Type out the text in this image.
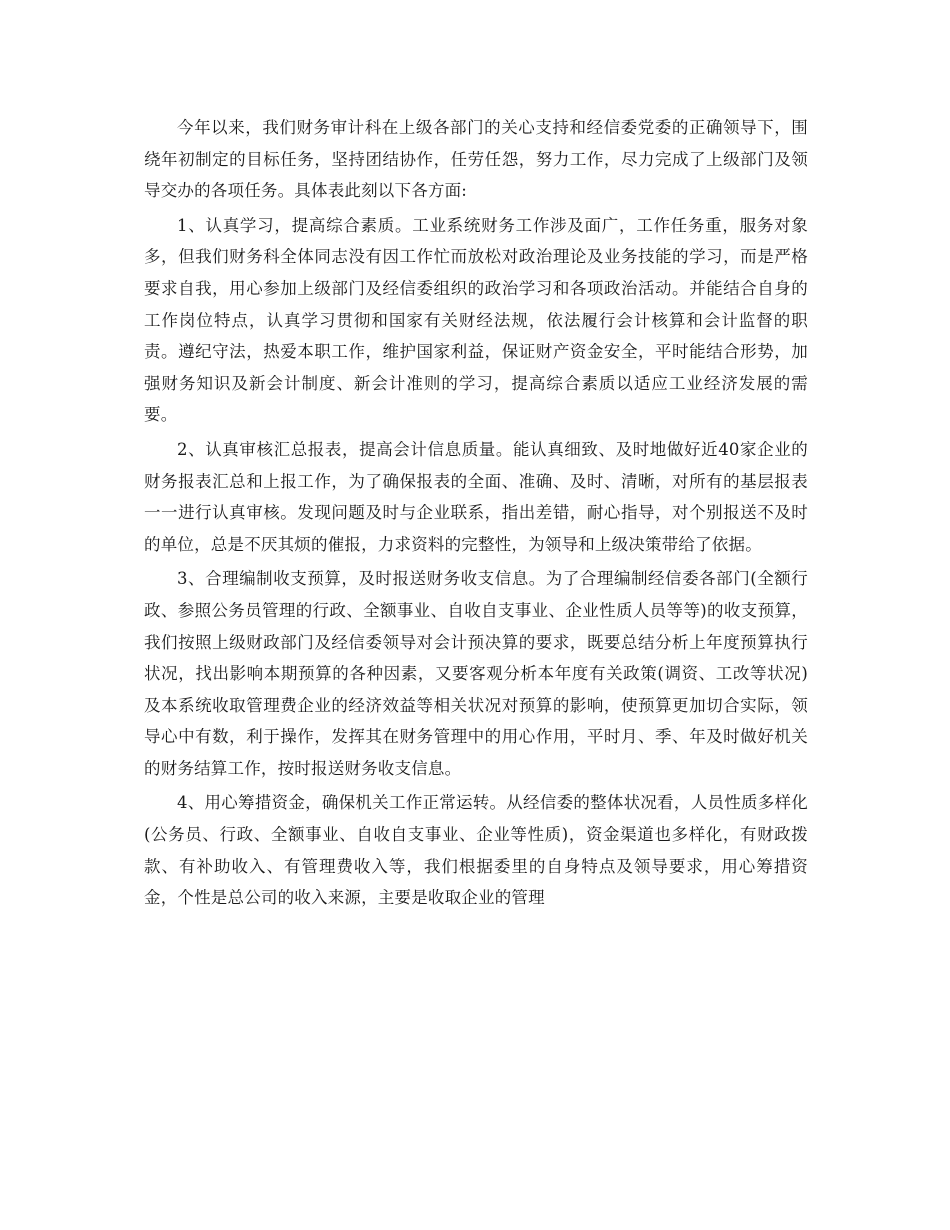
今年以来，我们财务审计科在上级各部门的关心支持和经信委党委的正确领导下，围绕年初制定的目标任务，坚持团结协作，任劳任怨，努力工作，尽力完成了上级部门及领导交办的各项任务。具体表此刻以下各方面:

1、认真学习，提高综合素质。工业系统财务工作涉及面广，工作任务重，服务对象多，但我们财务科全体同志没有因工作忙而放松对政治理论及业务技能的学习，而是严格要求自我，用心参加上级部门及经信委组织的政治学习和各项政治活动。并能结合自身的工作岗位特点，认真学习贯彻和国家有关财经法规，依法履行会计核算和会计监督的职责。遵纪守法，热爱本职工作，维护国家利益，保证财产资金安全，平时能结合形势，加强财务知识及新会计制度、新会计准则的学习，提高综合素质以适应工业经济发展的需要。

2、认真审核汇总报表，提高会计信息质量。能认真细致、及时地做好近40家企业的财务报表汇总和上报工作，为了确保报表的全面、准确、及时、清晰，对所有的基层报表一一进行认真审核。发现问题及时与企业联系，指出差错，耐心指导，对个别报送不及时的单位，总是不厌其烦的催报，力求资料的完整性，为领导和上级决策带给了依据。

3、合理编制收支预算，及时报送财务收支信息。为了合理编制经信委各部门(全额行政、参照公务员管理的行政、全额事业、自收自支事业、企业性质人员等等)的收支预算，我们按照上级财政部门及经信委领导对会计预决算的要求，既要总结分析上年度预算执行状况，找出影响本期预算的各种因素，又要客观分析本年度有关政策(调资、工改等状况)及本系统收取管理费企业的经济效益等相关状况对预算的影响，使预算更加切合实际，领导心中有数，利于操作，发挥其在财务管理中的用心作用，平时月、季、年及时做好机关的财务结算工作，按时报送财务收支信息。

4、用心筹措资金，确保机关工作正常运转。从经信委的整体状况看，人员性质多样化(公务员、行政、全额事业、自收自支事业、企业等性质)，资金渠道也多样化，有财政拨款、有补助收入、有管理费收入等，我们根据委里的自身特点及领导要求，用心筹措资金，个性是总公司的收入来源，主要是收取企业的管理
